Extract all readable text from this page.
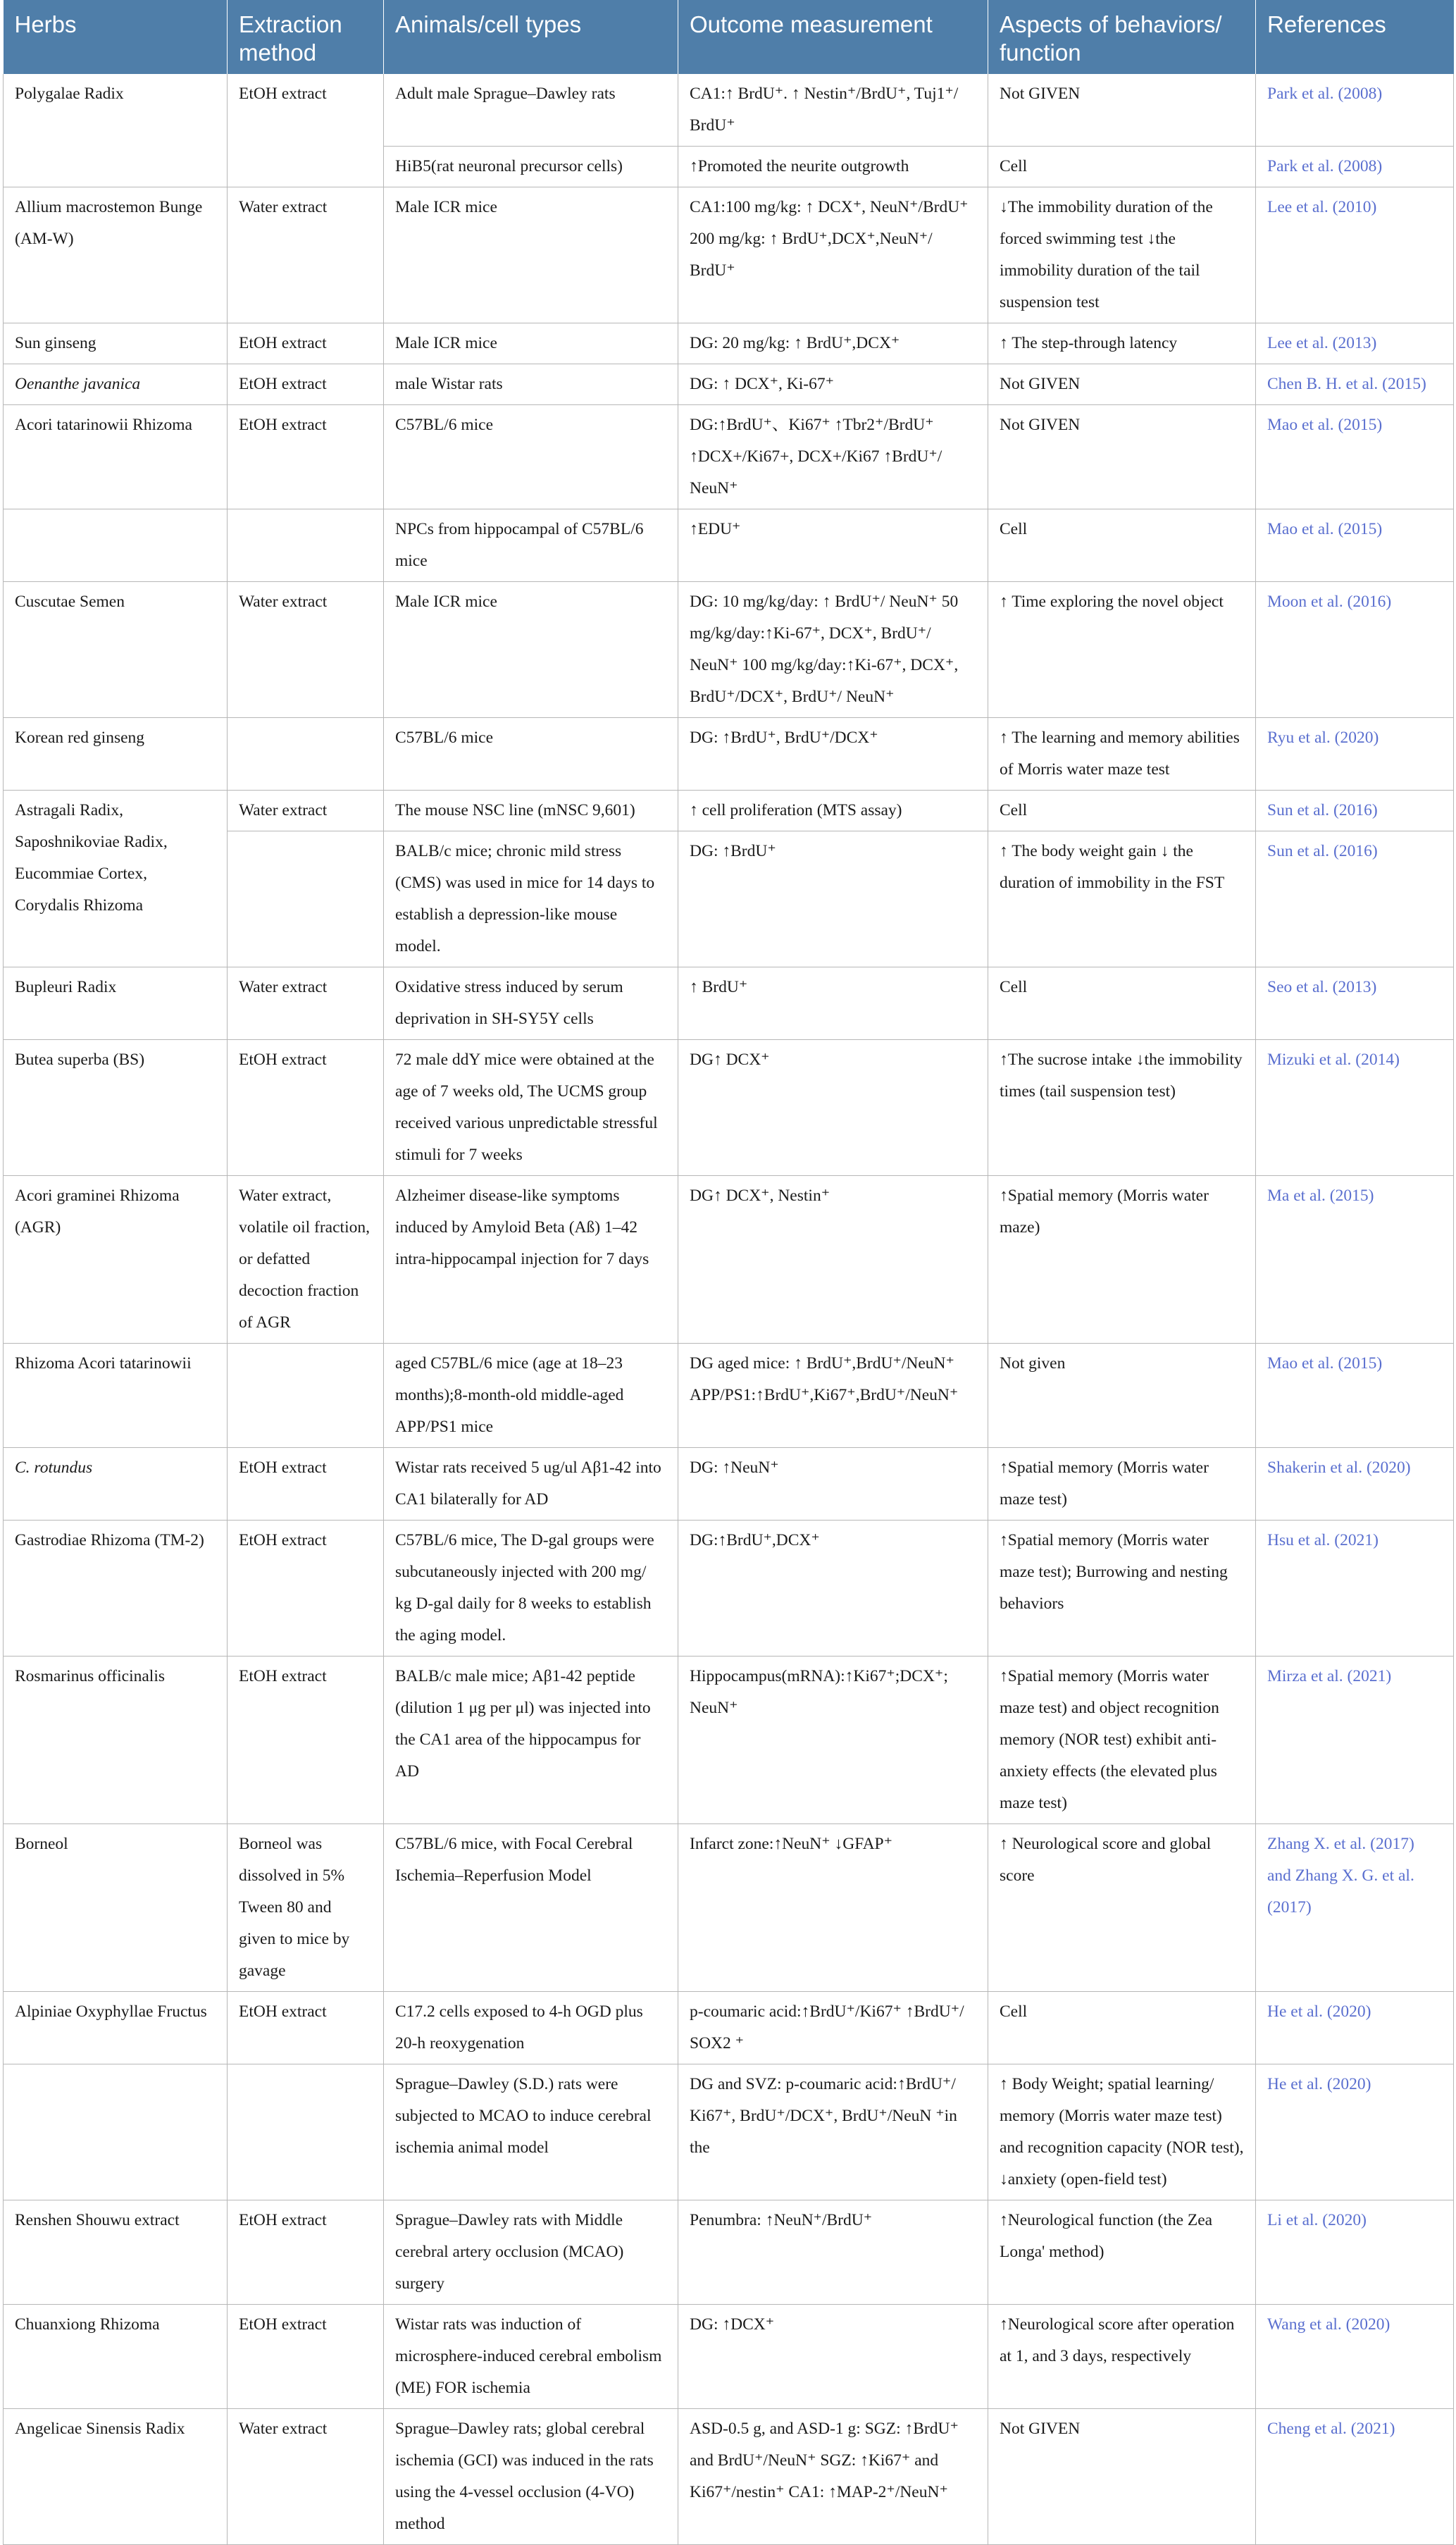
Herbs	Extraction method	Animals/cell types	Outcome measurement	Aspects of behaviors/ function	References
Polygalae Radix	EtOH extract	Adult male Sprague–Dawley rats	CA1:↑ BrdU⁺. ↑ Nestin⁺/BrdU⁺, Tuj1⁺/ BrdU⁺	Not GIVEN	Park et al. (2008)
		HiB5(rat neuronal precursor cells)	↑Promoted the neurite outgrowth	Cell	Park et al. (2008)
Allium macrostemon Bunge (AM-W)	Water extract	Male ICR mice	CA1:100 mg/kg: ↑ DCX⁺, NeuN⁺/BrdU⁺ 200 mg/kg: ↑ BrdU⁺,DCX⁺,NeuN⁺/ BrdU⁺	↓The immobility duration of the forced swimming test ↓the immobility duration of the tail suspension test	Lee et al. (2010)
Sun ginseng	EtOH extract	Male ICR mice	DG: 20 mg/kg: ↑ BrdU⁺,DCX⁺	↑ The step-through latency	Lee et al. (2013)
Oenanthe javanica	EtOH extract	male Wistar rats	DG: ↑ DCX⁺, Ki-67⁺	Not GIVEN	Chen B. H. et al. (2015)
Acori tatarinowii Rhizoma	EtOH extract	C57BL/6 mice	DG:↑BrdU⁺、Ki67⁺ ↑Tbr2⁺/BrdU⁺ ↑DCX+/Ki67+, DCX+/Ki67 ↑BrdU⁺/ NeuN⁺	Not GIVEN	Mao et al. (2015)
		NPCs from hippocampal of C57BL/6 mice	↑EDU⁺	Cell	Mao et al. (2015)
Cuscutae Semen	Water extract	Male ICR mice	DG: 10 mg/kg/day: ↑ BrdU⁺/ NeuN⁺ 50 mg/kg/day:↑Ki-67⁺, DCX⁺, BrdU⁺/ NeuN⁺ 100 mg/kg/day:↑Ki-67⁺, DCX⁺, BrdU⁺/DCX⁺, BrdU⁺/ NeuN⁺	↑ Time exploring the novel object	Moon et al. (2016)
Korean red ginseng		C57BL/6 mice	DG: ↑BrdU⁺, BrdU⁺/DCX⁺	↑ The learning and memory abilities of Morris water maze test	Ryu et al. (2020)
Astragali Radix, Saposhnikoviae Radix, Eucommiae Cortex, Corydalis Rhizoma	Water extract	The mouse NSC line (mNSC 9,601)	↑ cell proliferation (MTS assay)	Cell	Sun et al. (2016)
		BALB/c mice; chronic mild stress (CMS) was used in mice for 14 days to establish a depression-like mouse model.	DG: ↑BrdU⁺	↑ The body weight gain ↓ the duration of immobility in the FST	Sun et al. (2016)
Bupleuri Radix	Water extract	Oxidative stress induced by serum deprivation in SH-SY5Y cells	↑ BrdU⁺	Cell	Seo et al. (2013)
Butea superba (BS)	EtOH extract	72 male ddY mice were obtained at the age of 7 weeks old, The UCMS group received various unpredictable stressful stimuli for 7 weeks	DG↑ DCX⁺	↑The sucrose intake ↓the immobility times (tail suspension test)	Mizuki et al. (2014)
Acori graminei Rhizoma (AGR)	Water extract, volatile oil fraction, or defatted decoction fraction of AGR	Alzheimer disease-like symptoms induced by Amyloid Beta (Aß) 1–42 intra-hippocampal injection for 7 days	DG↑ DCX⁺, Nestin⁺	↑Spatial memory (Morris water maze)	Ma et al. (2015)
Rhizoma Acori tatarinowii		aged C57BL/6 mice (age at 18–23 months);8-month-old middle-aged APP/PS1 mice	DG aged mice: ↑ BrdU⁺,BrdU⁺/NeuN⁺ APP/PS1:↑BrdU⁺,Ki67⁺,BrdU⁺/NeuN⁺	Not given	Mao et al. (2015)
C. rotundus	EtOH extract	Wistar rats received 5 ug/ul Aβ1-42 into CA1 bilaterally for AD	DG: ↑NeuN⁺	↑Spatial memory (Morris water maze test)	Shakerin et al. (2020)
Gastrodiae Rhizoma (TM-2)	EtOH extract	C57BL/6 mice, The D-gal groups were subcutaneously injected with 200 mg/ kg D-gal daily for 8 weeks to establish the aging model.	DG:↑BrdU⁺,DCX⁺	↑Spatial memory (Morris water maze test); Burrowing and nesting behaviors	Hsu et al. (2021)
Rosmarinus officinalis	EtOH extract	BALB/c male mice; Aβ1-42 peptide (dilution 1 μg per μl) was injected into the CA1 area of the hippocampus for AD	Hippocampus(mRNA):↑Ki67⁺;DCX⁺; NeuN⁺	↑Spatial memory (Morris water maze test) and object recognition memory (NOR test) exhibit anti-anxiety effects (the elevated plus maze test)	Mirza et al. (2021)
Borneol	Borneol was dissolved in 5% Tween 80 and given to mice by gavage	C57BL/6 mice, with Focal Cerebral Ischemia–Reperfusion Model	Infarct zone:↑NeuN⁺ ↓GFAP⁺	↑ Neurological score and global score	Zhang X. et al. (2017) and Zhang X. G. et al. (2017)
Alpiniae Oxyphyllae Fructus	EtOH extract	C17.2 cells exposed to 4-h OGD plus 20-h reoxygenation	p-coumaric acid:↑BrdU⁺/Ki67⁺ ↑BrdU⁺/ SOX2 ⁺	Cell	He et al. (2020)
		Sprague–Dawley (S.D.) rats were subjected to MCAO to induce cerebral ischemia animal model	DG and SVZ: p-coumaric acid:↑BrdU⁺/ Ki67⁺, BrdU⁺/DCX⁺, BrdU⁺/NeuN ⁺in the	↑ Body Weight; spatial learning/ memory (Morris water maze test) and recognition capacity (NOR test), ↓anxiety (open-field test)	He et al. (2020)
Renshen Shouwu extract	EtOH extract	Sprague–Dawley rats with Middle cerebral artery occlusion (MCAO) surgery	Penumbra: ↑NeuN⁺/BrdU⁺	↑Neurological function (the Zea Longa' method)	Li et al. (2020)
Chuanxiong Rhizoma	EtOH extract	Wistar rats was induction of microsphere-induced cerebral embolism (ME) FOR ischemia	DG: ↑DCX⁺	↑Neurological score after operation at 1, and 3 days, respectively	Wang et al. (2020)
Angelicae Sinensis Radix	Water extract	Sprague–Dawley rats; global cerebral ischemia (GCI) was induced in the rats using the 4-vessel occlusion (4-VO) method	ASD-0.5 g, and ASD-1 g: SGZ: ↑BrdU⁺ and BrdU⁺/NeuN⁺ SGZ: ↑Ki67⁺ and Ki67⁺/nestin⁺ CA1: ↑MAP-2⁺/NeuN⁺	Not GIVEN	Cheng et al. (2021)
